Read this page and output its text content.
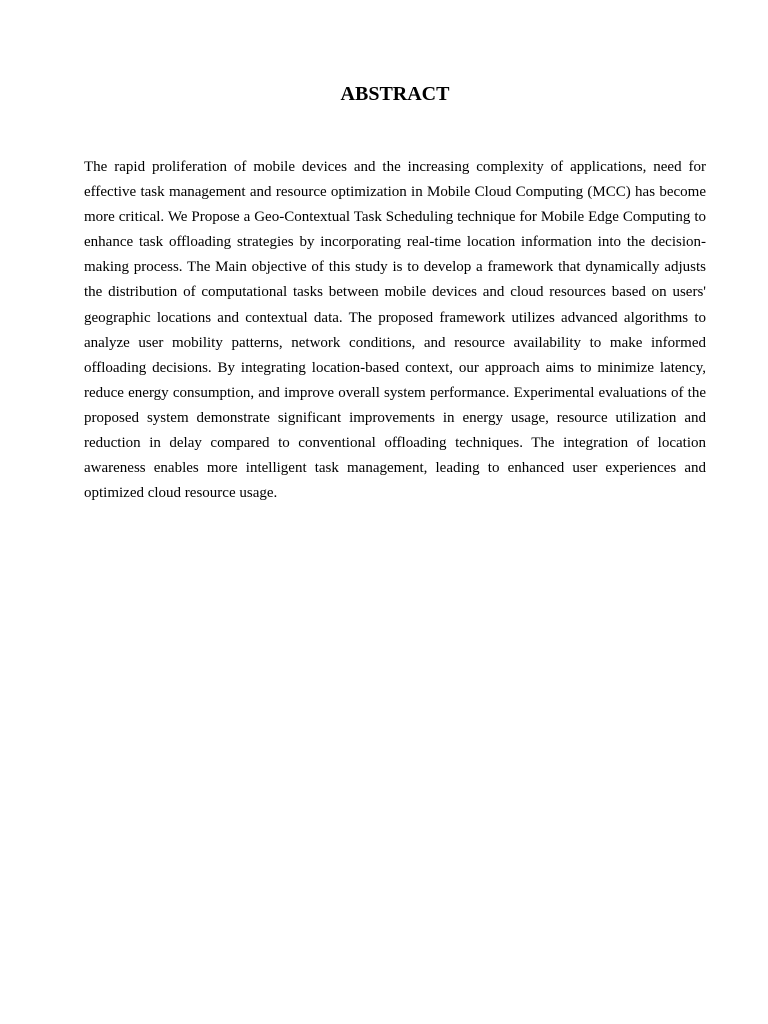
ABSTRACT

The rapid proliferation of mobile devices and the increasing complexity of applications, need for effective task management and resource optimization in Mobile Cloud Computing (MCC) has become more critical. We Propose a Geo-Contextual Task Scheduling technique for Mobile Edge Computing to enhance task offloading strategies by incorporating real-time location information into the decision-making process. The Main objective of this study is to develop a framework that dynamically adjusts the distribution of computational tasks between mobile devices and cloud resources based on users' geographic locations and contextual data. The proposed framework utilizes advanced algorithms to analyze user mobility patterns, network conditions, and resource availability to make informed offloading decisions. By integrating location-based context, our approach aims to minimize latency, reduce energy consumption, and improve overall system performance. Experimental evaluations of the proposed system demonstrate significant improvements in energy usage, resource utilization and reduction in delay compared to conventional offloading techniques. The integration of location awareness enables more intelligent task management, leading to enhanced user experiences and optimized cloud resource usage.
